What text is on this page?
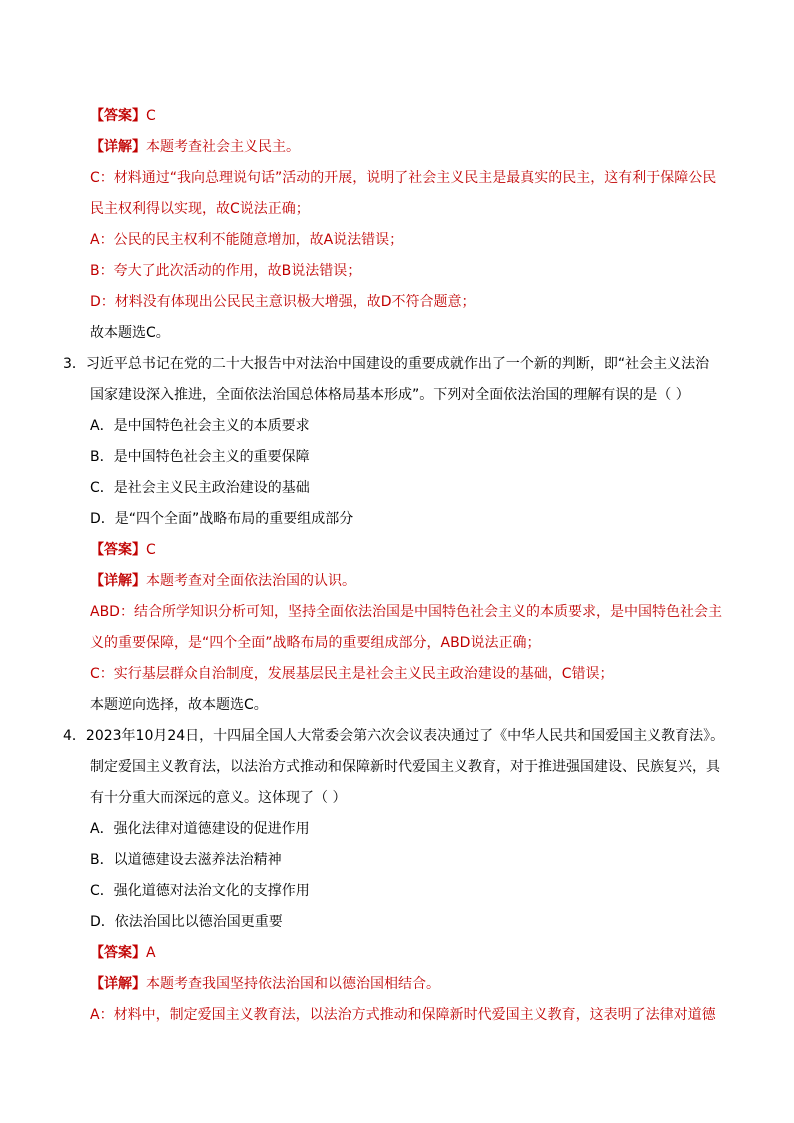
【答案】C
【详解】本题考查社会主义民主。
C：材料通过“我向总理说句话”活动的开展，说明了社会主义民主是最真实的民主，这有利于保障公民
民主权利得以实现，故C说法正确；
A：公民的民主权利不能随意增加，故A说法错误；
B：夸大了此次活动的作用，故B说法错误；
D：材料没有体现出公民民主意识极大增强，故D不符合题意；
故本题选C。
3．习近平总书记在党的二十大报告中对法治中国建设的重要成就作出了一个新的判断，即“社会主义法治
国家建设深入推进，全面依法治国总体格局基本形成”。下列对全面依法治国的理解有误的是（ ）
A．是中国特色社会主义的本质要求
B．是中国特色社会主义的重要保障
C．是社会主义民主政治建设的基础
D．是“四个全面”战略布局的重要组成部分
【答案】C
【详解】本题考查对全面依法治国的认识。
ABD：结合所学知识分析可知，坚持全面依法治国是中国特色社会主义的本质要求，是中国特色社会主
义的重要保障，是“四个全面”战略布局的重要组成部分，ABD说法正确；
C：实行基层群众自治制度，发展基层民主是社会主义民主政治建设的基础，C错误；
本题逆向选择，故本题选C。
4．2023年10月24日，十四届全国人大常委会第六次会议表决通过了《中华人民共和国爱国主义教育法》。
制定爱国主义教育法，以法治方式推动和保障新时代爱国主义教育，对于推进强国建设、民族复兴，具
有十分重大而深远的意义。这体现了（ ）
A．强化法律对道德建设的促进作用
B．以道德建设去滋养法治精神
C．强化道德对法治文化的支撑作用
D．依法治国比以德治国更重要
【答案】A
【详解】本题考查我国坚持依法治国和以德治国相结合。
A：材料中，制定爱国主义教育法，以法治方式推动和保障新时代爱国主义教育，这表明了法律对道德
